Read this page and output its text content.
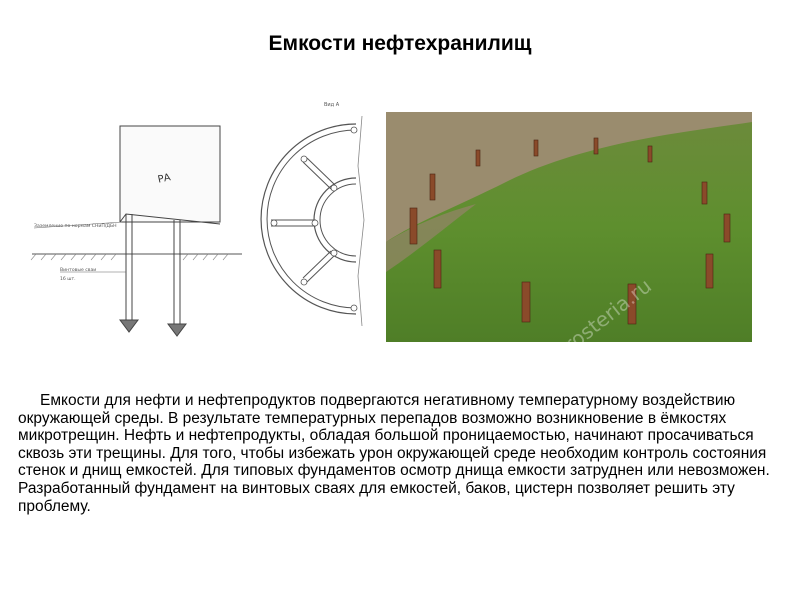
Емкости нефтехранилищ
РА
Заземление по нормам СНиП/ДБН
Винтовые сваи
16 шт.
Вид А

Емкости для нефти и нефтепродуктов подвергаются негативному температурному воздействию окружающей среды. В результате температурных перепадов возможно возникновение в ёмкостях микротрещин. Нефть и нефтепродукты, обладая большой проницаемостью, начинают просачиваться сквозь эти трещины. Для того, чтобы избежать урон окружающей среде необходим контроль состояния стенок и днищ емкостей. Для типовых фундаментов осмотр днища емкости затруднен или невозможен. Разработанный фундамент на винтовых сваях для емкостей, баков, цистерн позволяет решить эту проблему.
